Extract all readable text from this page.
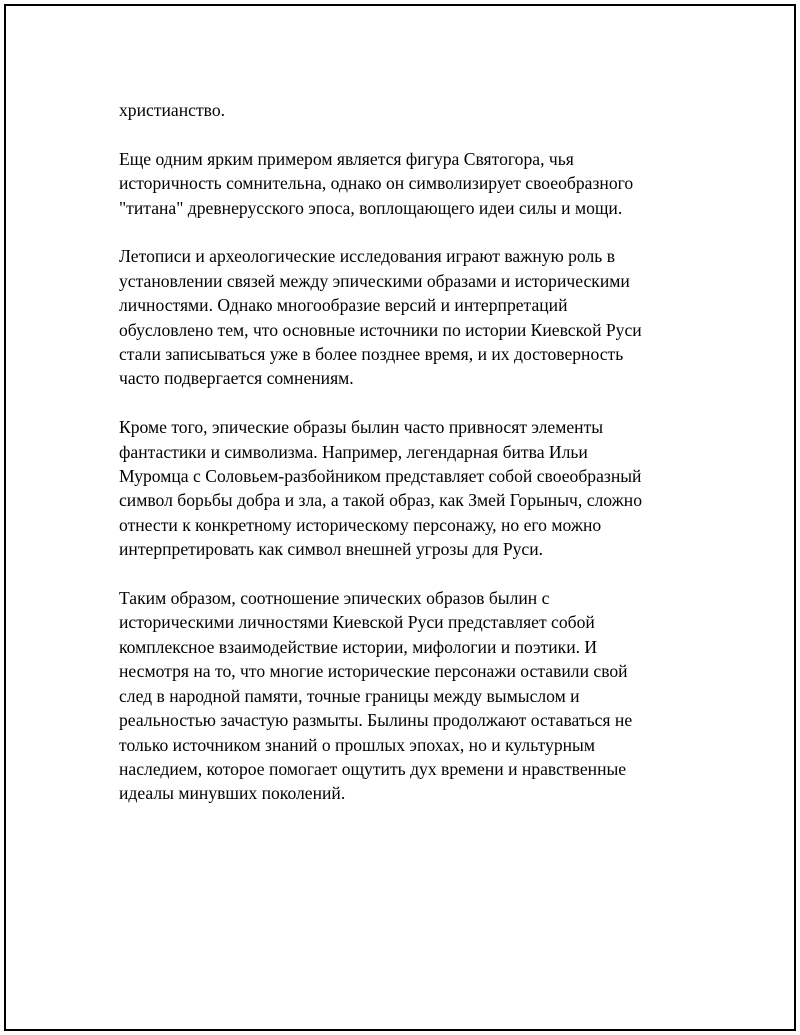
христианство.

Еще одним ярким примером является фигура Святогора, чья
историчность сомнительна, однако он символизирует своеобразного
"титана" древнерусского эпоса, воплощающего идеи силы и мощи.

Летописи и археологические исследования играют важную роль в
установлении связей между эпическими образами и историческими
личностями. Однако многообразие версий и интерпретаций
обусловлено тем, что основные источники по истории Киевской Руси
стали записываться уже в более позднее время, и их достоверность
часто подвергается сомнениям.

Кроме того, эпические образы былин часто привносят элементы
фантастики и символизма. Например, легендарная битва Ильи
Муромца с Соловьем-разбойником представляет собой своеобразный
символ борьбы добра и зла, а такой образ, как Змей Горыныч, сложно
отнести к конкретному историческому персонажу, но его можно
интерпретировать как символ внешней угрозы для Руси.

Таким образом, соотношение эпических образов былин с
историческими личностями Киевской Руси представляет собой
комплексное взаимодействие истории, мифологии и поэтики. И
несмотря на то, что многие исторические персонажи оставили свой
след в народной памяти, точные границы между вымыслом и
реальностью зачастую размыты. Былины продолжают оставаться не
только источником знаний о прошлых эпохах, но и культурным
наследием, которое помогает ощутить дух времени и нравственные
идеалы минувших поколений.
